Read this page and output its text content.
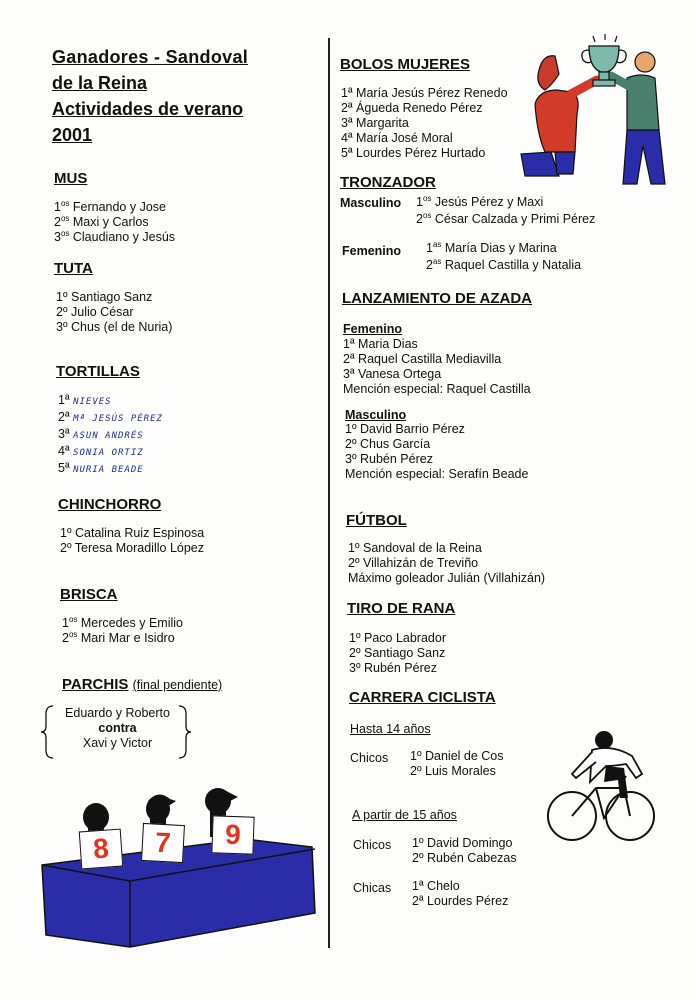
Ganadores - Sandoval
de la Reina
Actividades de verano
2001
MUS
$1^{os}$ Fernando y Jose
$2^{os}$ Maxi y Carlos
$3^{os}$ Claudiano y Jesús
TUTA
1º Santiago Sanz
2º Julio César
3º Chus (el de Nuria)
TORTILLAS
1ª NIEVES
2ª Mª JESÚS PÉREZ
3ª ASUN ANDRÉS
4ª SONIA ORTIZ
5ª NURIA BEADE
CHINCHORRO
1º Catalina Ruiz Espinosa
2º Teresa Moradillo López
BRISCA
$1^{os}$ Mercedes y Emilio
$2^{os}$ Mari Mar e Isidro
PARCHIS (final pendiente)
Eduardo y Roberto
contra
Xavi y Victor
8	7	9
BOLOS MUJERES
1ª María Jesús Pérez Renedo
2ª Águeda Renedo Pérez
3ª Margarita
4ª María José Moral
5ª Lourdes Pérez Hurtado
TRONZADOR
Masculino $1^{os}$ Jesús Pérez y Maxi
$2^{os}$ César Calzada y Primi Pérez
Femenino $1^{as}$ María Dias y Marina
$2^{as}$ Raquel Castilla y Natalia
LANZAMIENTO DE AZADA
Femenino
1ª Maria Dias
2ª Raquel Castilla Mediavilla
3ª Vanesa Ortega
Mención especial: Raquel Castilla
Masculino
1º David Barrio Pérez
2º Chus García
3º Rubén Pérez
Mención especial: Serafín Beade
FÚTBOL
1º Sandoval de la Reina
2º Villahizán de Treviño
Máximo goleador Julián (Villahizán)
TIRO DE RANA
1º Paco Labrador
2º Santiago Sanz
3º Rubén Pérez
CARRERA CICLISTA
Hasta 14 años
Chicos 1º Daniel de Cos
2º Luis Morales
A partir de 15 años
Chicos 1º David Domingo
2º Rubén Cabezas
Chicas 1ª Chelo
2ª Lourdes Pérez
